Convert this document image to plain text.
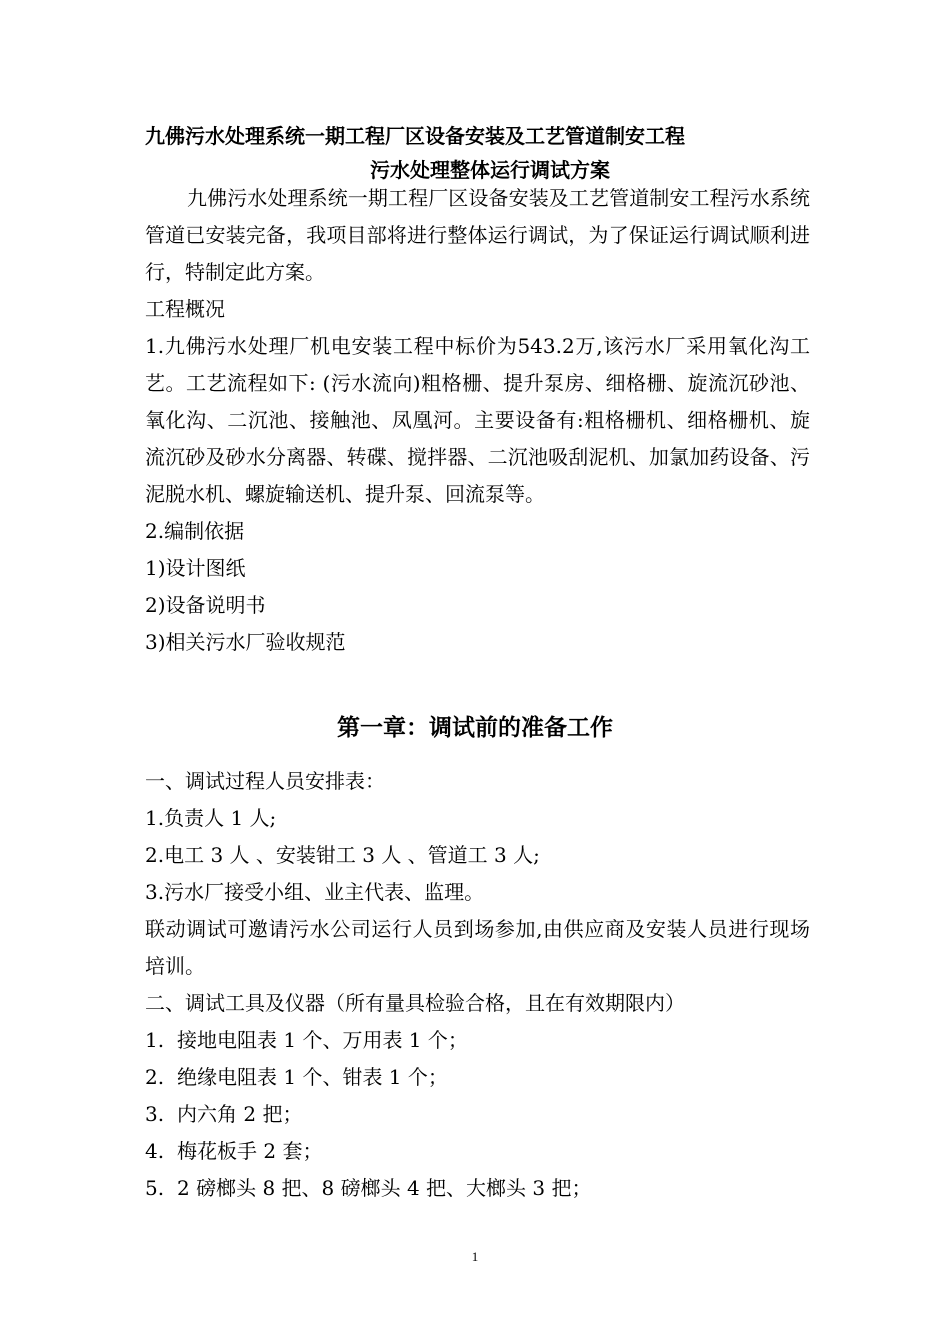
九佛污水处理系统一期工程厂区设备安装及工艺管道制安工程
污水处理整体运行调试方案
九佛污水处理系统一期工程厂区设备安装及工艺管道制安工程污水系统管道已安装完备，我项目部将进行整体运行调试，为了保证运行调试顺利进行，特制定此方案。
工程概况
1.九佛污水处理厂机电安装工程中标价为543.2万,该污水厂采用氧化沟工艺。工艺流程如下: (污水流向)粗格栅、提升泵房、细格栅、旋流沉砂池、氧化沟、二沉池、接触池、凤凰河。主要设备有:粗格栅机、细格栅机、旋流沉砂及砂水分离器、转碟、搅拌器、二沉池吸刮泥机、加氯加药设备、污泥脱水机、螺旋输送机、提升泵、回流泵等。
2.编制依据
1)设计图纸
2)设备说明书
3)相关污水厂验收规范
第一章：调试前的准备工作
一、调试过程人员安排表：
1.负责人 1 人;
2.电工 3 人 、安装钳工 3 人 、管道工 3 人;
3.污水厂接受小组、业主代表、监理。
联动调试可邀请污水公司运行人员到场参加,由供应商及安装人员进行现场培训。
二、调试工具及仪器（所有量具检验合格，且在有效期限内）
1. 接地电阻表 1 个、万用表 1 个；
2. 绝缘电阻表 1 个、钳表 1 个；
3. 内六角 2 把；
4. 梅花板手 2 套；
5. 2 磅榔头 8 把、8 磅榔头 4 把、大榔头 3 把；
1
